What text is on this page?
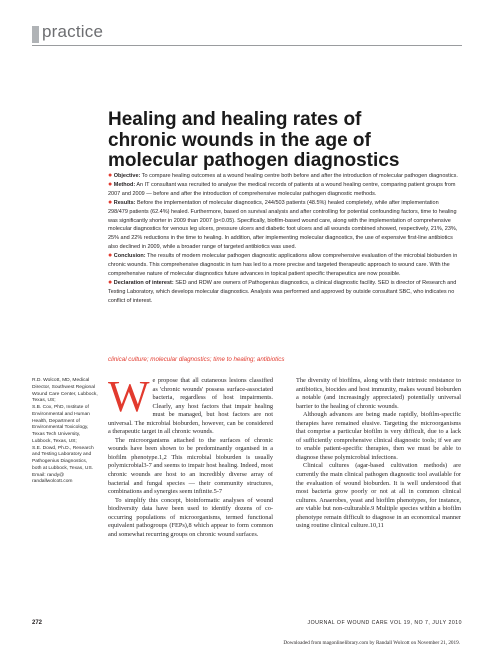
practice
Healing and healing rates of chronic wounds in the age of molecular pathogen diagnostics

● Objective: To compare healing outcomes at a wound healing centre both before and after the introduction of molecular pathogen diagnostics.

● Method: An IT consultant was recruited to analyse the medical records of patients at a wound healing centre, comparing patient groups from 2007 and 2009 — before and after the introduction of comprehensive molecular pathogen diagnostic methods.

● Results: Before the implementation of molecular diagnostics, 244/503 patients (48.5%) healed completely, while after implementation 298/479 patients (62.4%) healed. Furthermore, based on survival analysis and after controlling for potential confounding factors, time to healing was significantly shorter in 2009 than 2007 (p<0.05). Specifically, biofilm-based wound care, along with the implementation of comprehensive molecular diagnostics for venous leg ulcers, pressure ulcers and diabetic foot ulcers and all wounds combined showed, respectively, 21%, 23%, 25% and 22% reductions in the time to healing. In addition, after implementing molecular diagnostics, the use of expensive first-line antibiotics also declined in 2009, while a broader range of targeted antibiotics was used.

● Conclusion: The results of modern molecular pathogen diagnostic applications allow comprehensive evaluation of the microbial bioburden in chronic wounds. This comprehensive diagnostic in turn has led to a more precise and targeted therapeutic approach to wound care. With the comprehensive nature of molecular diagnostics future advances in topical patient specific therapeutics are now possible.

● Declaration of interest: SED and RDW are owners of Pathogenius diagnostics, a clinical diagnostic facility. SED is director of Research and Testing Laboratory, which develops molecular diagnostics. Analysis was performed and approved by outside consultant SBC, who indicates no conflict of interest.

clinical culture; molecular diagnostics; time to healing; antibiotics

R.D. Wolcott, MD, Medical Director, Southwest Regional Wound Care Center, Lubbock, Texas, US;

S.B. Cox, PhD, Institute of Environmental and Human Health, Department of Environmental Toxicology, Texas Tech University, Lubbock, Texas, US;

S.E. Dowd, Ph.D., Research and Testing Laboratory and Pathogenius Diagnostics, both at Lubbock, Texas, US.

Email: randy@ randallwolcott.com

W e propose that all cutaneous lesions classified as 'chronic wounds' possess surface-associated bacteria, regardless of host impairments. Clearly, any host factors that impair healing must be managed, but host factors are not universal. The microbial bioburden, however, can be considered a therapeutic target in all chronic wounds.

The microorganisms attached to the surfaces of chronic wounds have been shown to be predominantly organised in a biofilm phenotype.1,2 This microbial bioburden is usually polymicrobial3-7 and seems to impair host healing. Indeed, most chronic wounds are host to an incredibly diverse array of bacterial and fungal species — their community structures, combinations and synergies seem infinite.5-7

To simplify this concept, bioinformatic analyses of wound biodiversity data have been used to identify dozens of co-occurring populations of microorganisms, termed functional equivalent pathogroups (FEPs),8 which appear to form common and somewhat recurring groups on chronic wound surfaces.

The diversity of biofilms, along with their intrinsic resistance to antibiotics, biocides and host immunity, makes wound bioburden a notable (and increasingly appreciated) potentially universal barrier to the healing of chronic wounds.

Although advances are being made rapidly, biofilm-specific therapies have remained elusive. Targeting the microorganisms that comprise a particular biofilm is very difficult, due to a lack of sufficiently comprehensive clinical diagnostic tools; if we are to enable patient-specific therapies, then we must be able to diagnose these polymicrobial infections.

Clinical cultures (agar-based cultivation methods) are currently the main clinical pathogen diagnostic tool available for the evaluation of wound bioburden. It is well understood that most bacteria grow poorly or not at all in common clinical cultures. Anaerobes, yeast and biofilm phenotypes, for instance, are viable but non-culturable.9 Multiple species within a biofilm phenotype remain difficult to diagnose in an economical manner using routine clinical culture.10,11

272	JOURNAL OF WOUND CARE VOL 19, NO 7, JULY 2010
Downloaded from magonlinelibrary.com by Randall Wolcott on November 21, 2019.
